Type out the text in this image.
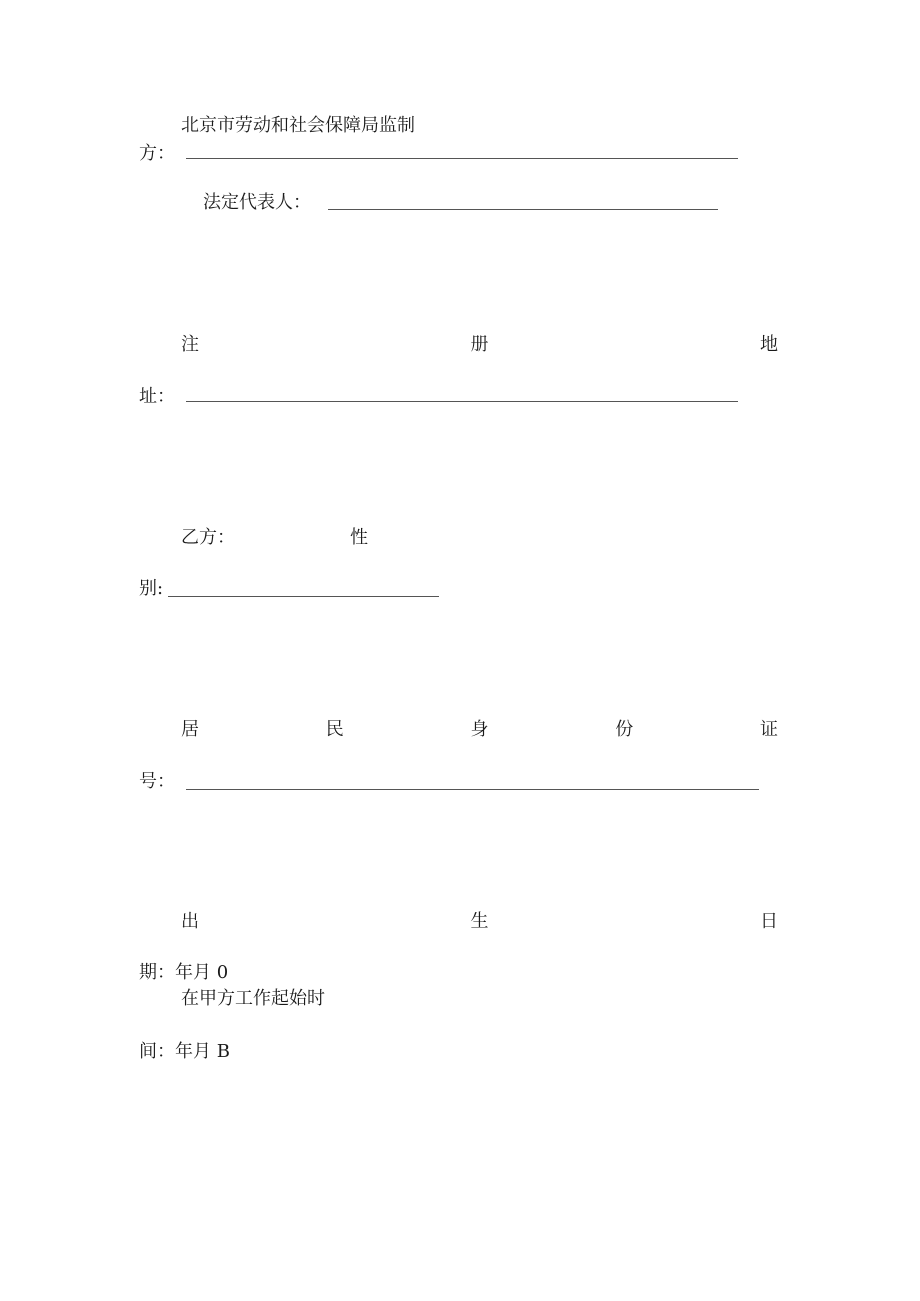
北京市劳动和社会保障局监制
方：
法定代表人：
注	册	地
址：
乙方：	性
别:
居	民	身	份	证
号：
出	生	日
期：年月 0
在甲方工作起始时
间：年月 B
